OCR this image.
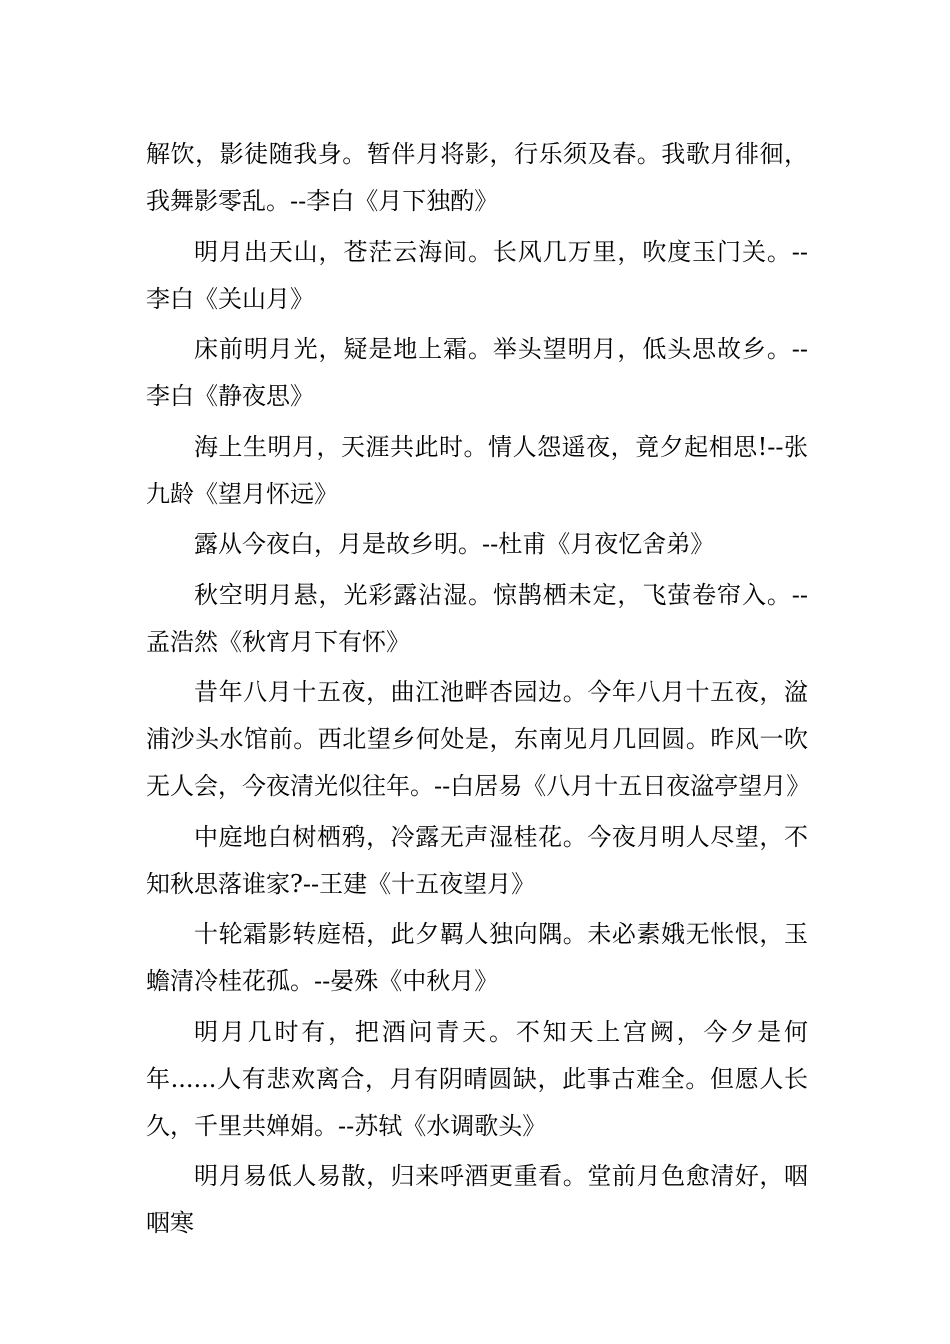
解饮，影徒随我身。暂伴月将影，行乐须及春。我歌月徘徊，我舞影零乱。--李白《月下独酌》

明月出天山，苍茫云海间。长风几万里，吹度玉门关。--李白《关山月》

床前明月光，疑是地上霜。举头望明月，低头思故乡。--李白《静夜思》

海上生明月，天涯共此时。情人怨遥夜，竟夕起相思!--张九龄《望月怀远》

露从今夜白，月是故乡明。--杜甫《月夜忆舍弟》

秋空明月悬，光彩露沾湿。惊鹊栖未定，飞萤卷帘入。--孟浩然《秋宵月下有怀》

昔年八月十五夜，曲江池畔杏园边。今年八月十五夜，湓浦沙头水馆前。西北望乡何处是，东南见月几回圆。昨风一吹无人会，今夜清光似往年。--白居易《八月十五日夜湓亭望月》

中庭地白树栖鸦，冷露无声湿桂花。今夜月明人尽望，不知秋思落谁家?--王建《十五夜望月》

十轮霜影转庭梧，此夕羁人独向隅。未必素娥无怅恨，玉蟾清冷桂花孤。--晏殊《中秋月》

明月几时有，把酒问青天。不知天上宫阙，今夕是何年......人有悲欢离合，月有阴晴圆缺，此事古难全。但愿人长久，千里共婵娟。--苏轼《水调歌头》

明月易低人易散，归来呼酒更重看。堂前月色愈清好，咽咽寒
